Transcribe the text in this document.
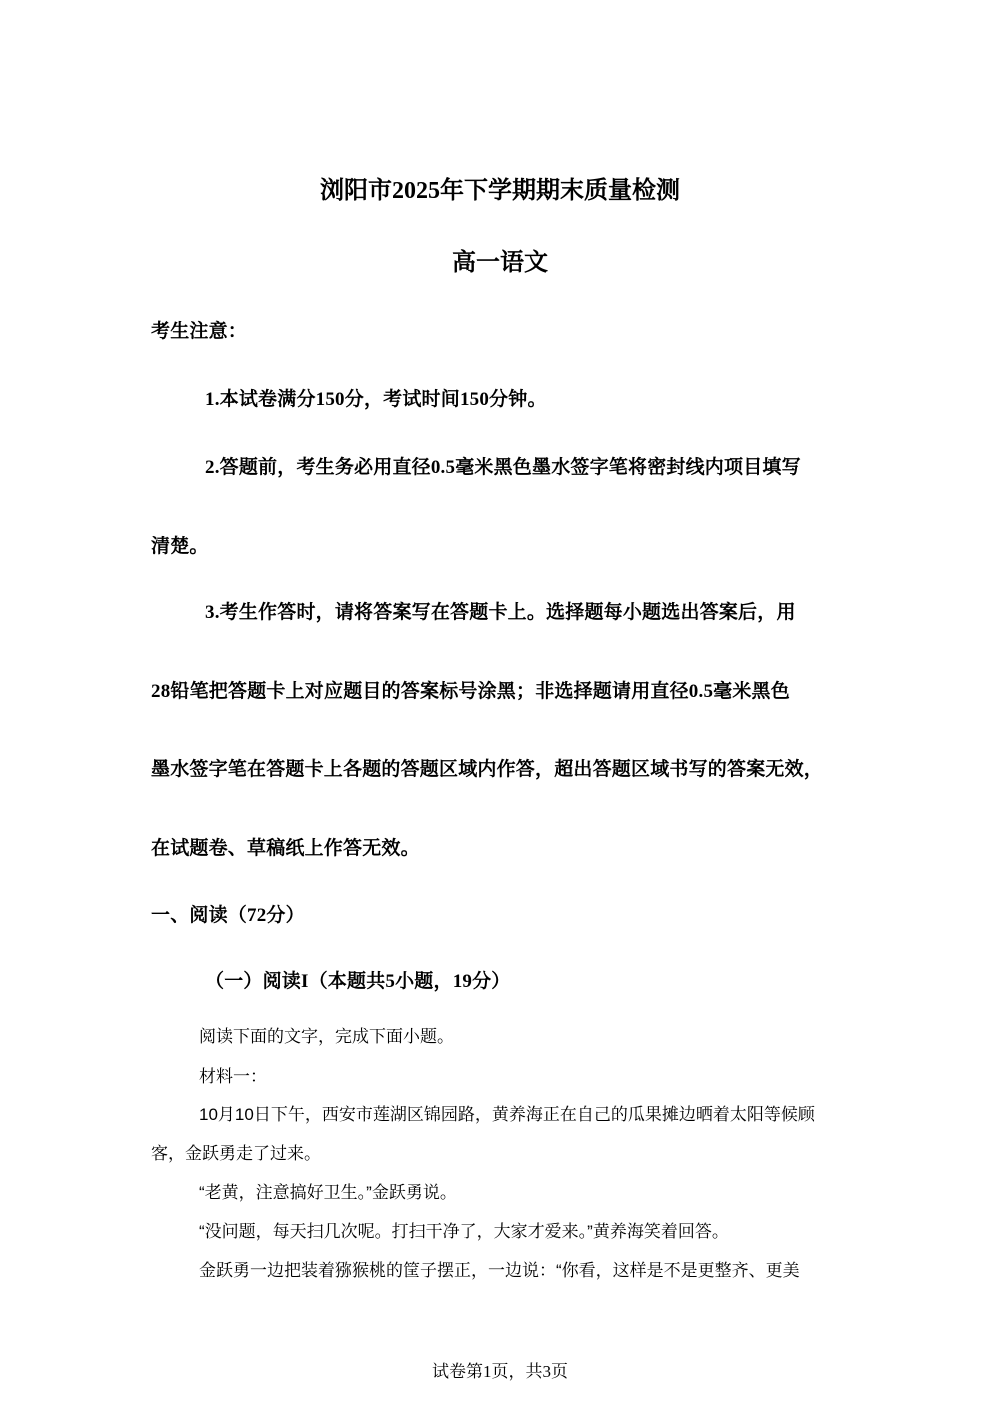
浏阳市2025年下学期期末质量检测
高一语文
考生注意：
1.本试卷满分150分，考试时间150分钟。
2.答题前，考生务必用直径0.5毫米黑色墨水签字笔将密封线内项目填写
清楚。
3.考生作答时，请将答案写在答题卡上。选择题每小题选出答案后，用
28铅笔把答题卡上对应题目的答案标号涂黑；非选择题请用直径0.5毫米黑色
墨水签字笔在答题卡上各题的答题区域内作答，超出答题区域书写的答案无效，
在试题卷、草稿纸上作答无效。
一、阅读（72分）
（一）阅读I（本题共5小题，19分）
阅读下面的文字，完成下面小题。
材料一：
10月10日下午，西安市莲湖区锦园路，黄养海正在自己的瓜果摊边晒着太阳等候顾
客，金跃勇走了过来。
“老黄，注意搞好卫生。”金跃勇说。
“没问题，每天扫几次呢。打扫干净了，大家才爱来。”黄养海笑着回答。
金跃勇一边把装着猕猴桃的筐子摆正，一边说：“你看，这样是不是更整齐、更美
试卷第1页，共3页
